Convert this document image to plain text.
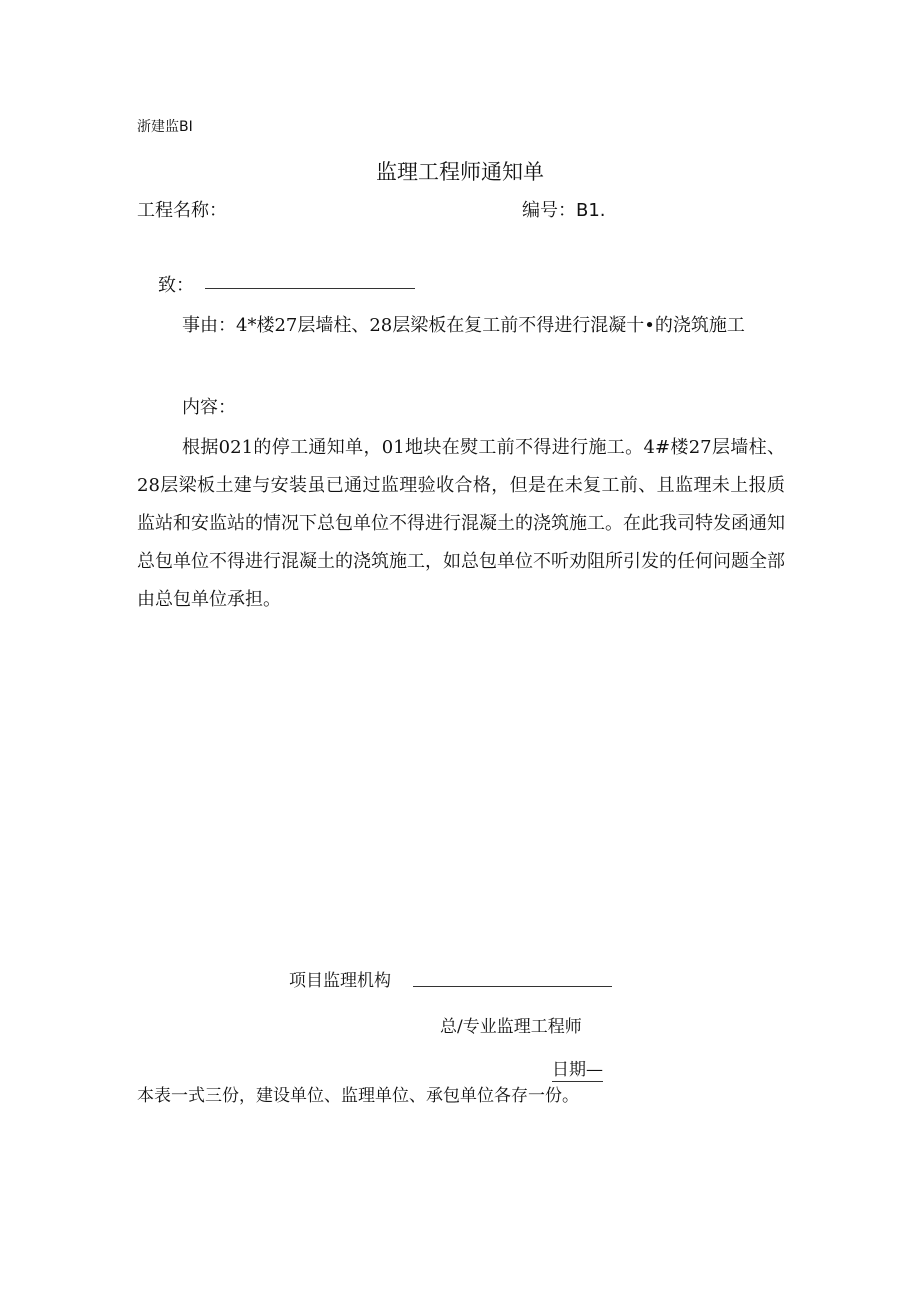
浙建监BI
监理工程师通知单
工程名称：	编号：B1.
致：
事由：4*楼27层墙柱、28层梁板在复工前不得进行混凝十•的浇筑施工
内容：
根据021的停工通知单，01地块在熨工前不得进行施工。4#楼27层墙柱、28层梁板土建与安装虽已通过监理验收合格，但是在未复工前、且监理未上报质监站和安监站的情况下总包单位不得进行混凝土的浇筑施工。在此我司特发函通知总包单位不得进行混凝土的浇筑施工，如总包单位不听劝阻所引发的任何问题全部由总包单位承担。
项目监理机构
总/专业监理工程师
日期—
本表一式三份，建设单位、监理单位、承包单位各存一份。
